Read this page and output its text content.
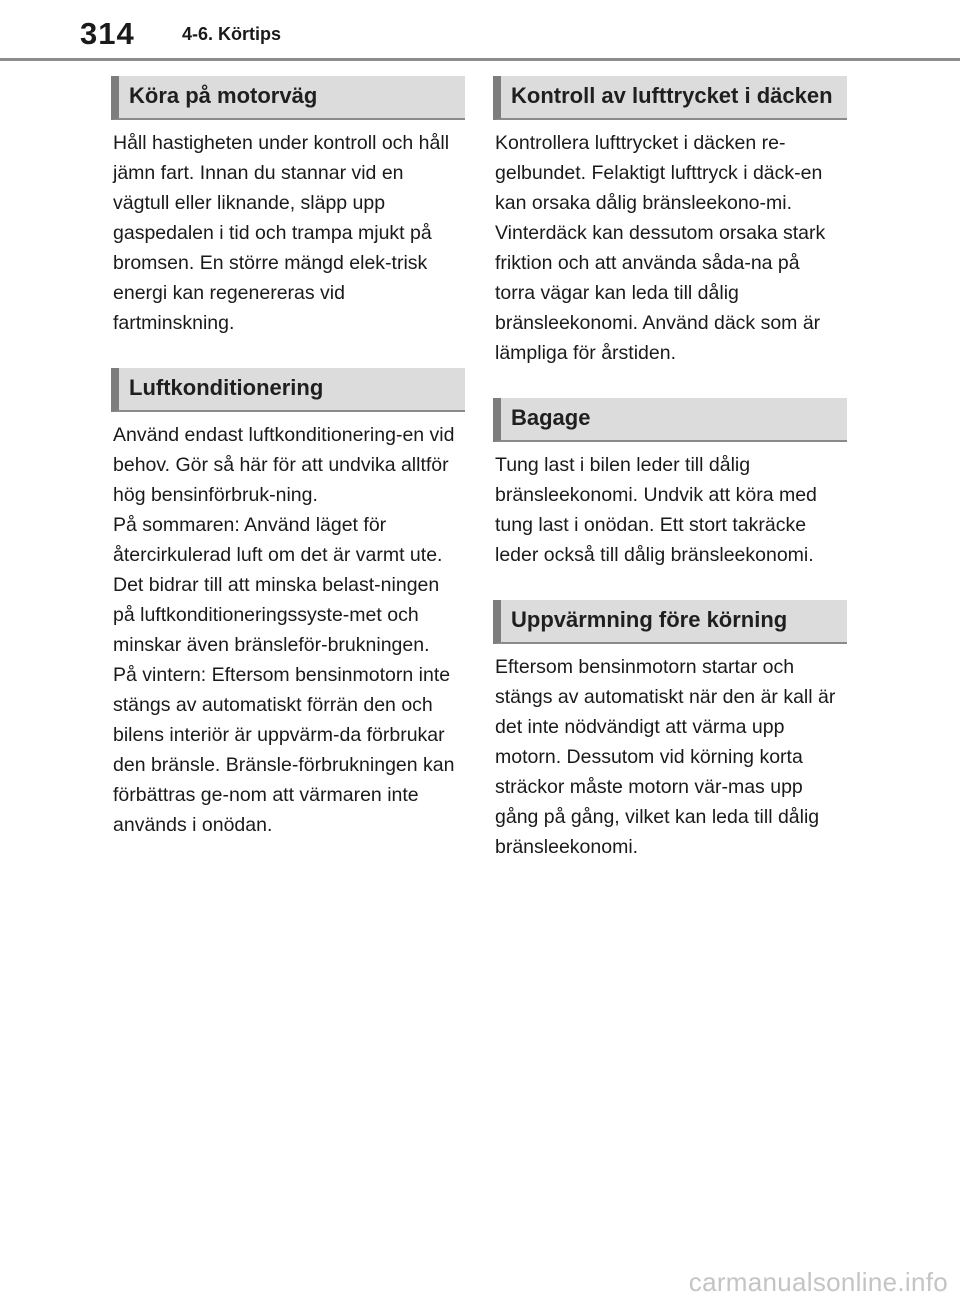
314	4-6. Körtips
Köra på motorväg
Håll hastigheten under kontroll och håll jämn fart. Innan du stannar vid en vägtull eller liknande, släpp upp gaspedalen i tid och trampa mjukt på bromsen. En större mängd elek-trisk energi kan regenereras vid fartminskning.
Luftkonditionering
Använd endast luftkonditionering-en vid behov. Gör så här för att undvika alltför hög bensinförbruk-ning.
På sommaren: Använd läget för återcirkulerad luft om det är varmt ute. Det bidrar till att minska belast-ningen på luftkonditioneringssyste-met och minskar även bränsleför-brukningen.
På vintern: Eftersom bensinmotorn inte stängs av automatiskt förrän den och bilens interiör är uppvärm-da förbrukar den bränsle. Bränsle-förbrukningen kan förbättras ge-nom att värmaren inte används i onödan.
Kontroll av lufttrycket i däcken
Kontrollera lufttrycket i däcken re-gelbundet. Felaktigt lufttryck i däck-en kan orsaka dålig bränsleekono-mi.
Vinterdäck kan dessutom orsaka stark friktion och att använda såda-na på torra vägar kan leda till dålig bränsleekonomi. Använd däck som är lämpliga för årstiden.
Bagage
Tung last i bilen leder till dålig bränsleekonomi. Undvik att köra med tung last i onödan. Ett stort takräcke leder också till dålig bränsleekonomi.
Uppvärmning före körning
Eftersom bensinmotorn startar och stängs av automatiskt när den är kall är det inte nödvändigt att värma upp motorn. Dessutom vid körning korta sträckor måste motorn vär-mas upp gång på gång, vilket kan leda till dålig bränsleekonomi.
carmanualsonline.info
